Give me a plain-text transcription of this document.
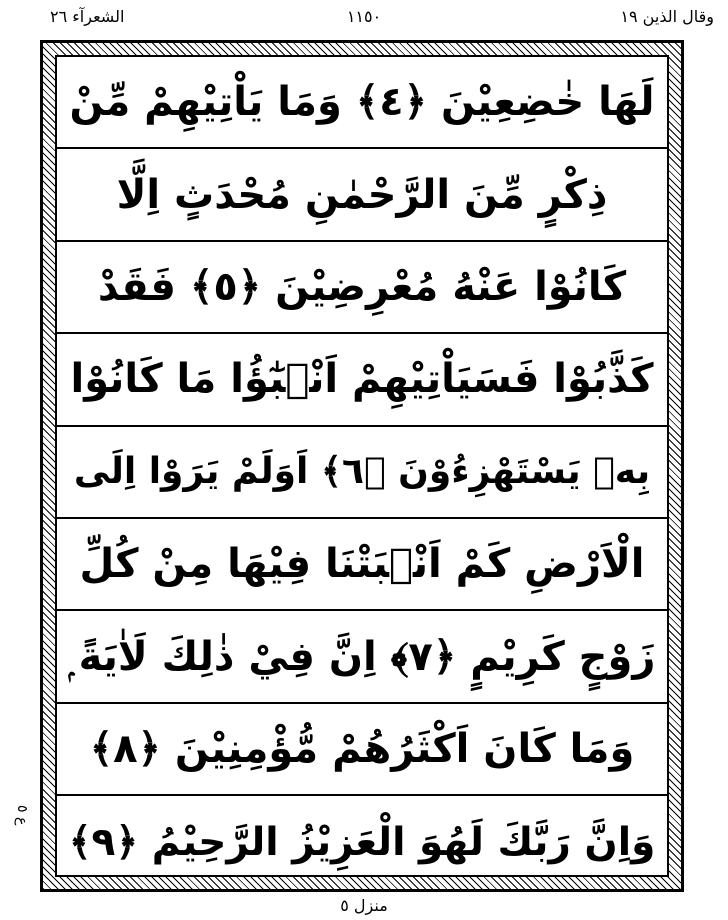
وقال الذين ١٩
١١٥٠
الشعرآء ٢٦
لَهَا خٰضِعِيْنَ ﴿٤﴾ وَمَا يَاْتِيْهِمْ مِّنْ
ذِكْرٍ مِّنَ الرَّحْمٰنِ مُحْدَثٍ اِلَّا
كَانُوْا عَنْهُ مُعْرِضِيْنَ ﴿٥﴾ فَقَدْ
كَذَّبُوْا فَسَيَاْتِيْهِمْ اَنْۢبٰٓؤُا مَا كَانُوْا
بِهٖ يَسْتَهْزِءُوْنَ ﴿٦﴾ اَوَلَمْ يَرَوْا اِلَى
الْاَرْضِ كَمْ اَنْۢبَتْنَا فِيْهَا مِنْ كُلِّ
زَوْجٍ كَرِيْمٍ ﴿٧﴾ اِنَّ فِيْ ذٰلِكَ لَاٰيَةً ۭ
وَمَا كَانَ اَكْثَرُهُمْ مُّؤْمِنِيْنَ ﴿٨﴾
وَاِنَّ رَبَّكَ لَهُوَ الْعَزِيْزُ الرَّحِيْمُ ﴿٩﴾
ع ٥
منزل ٥
